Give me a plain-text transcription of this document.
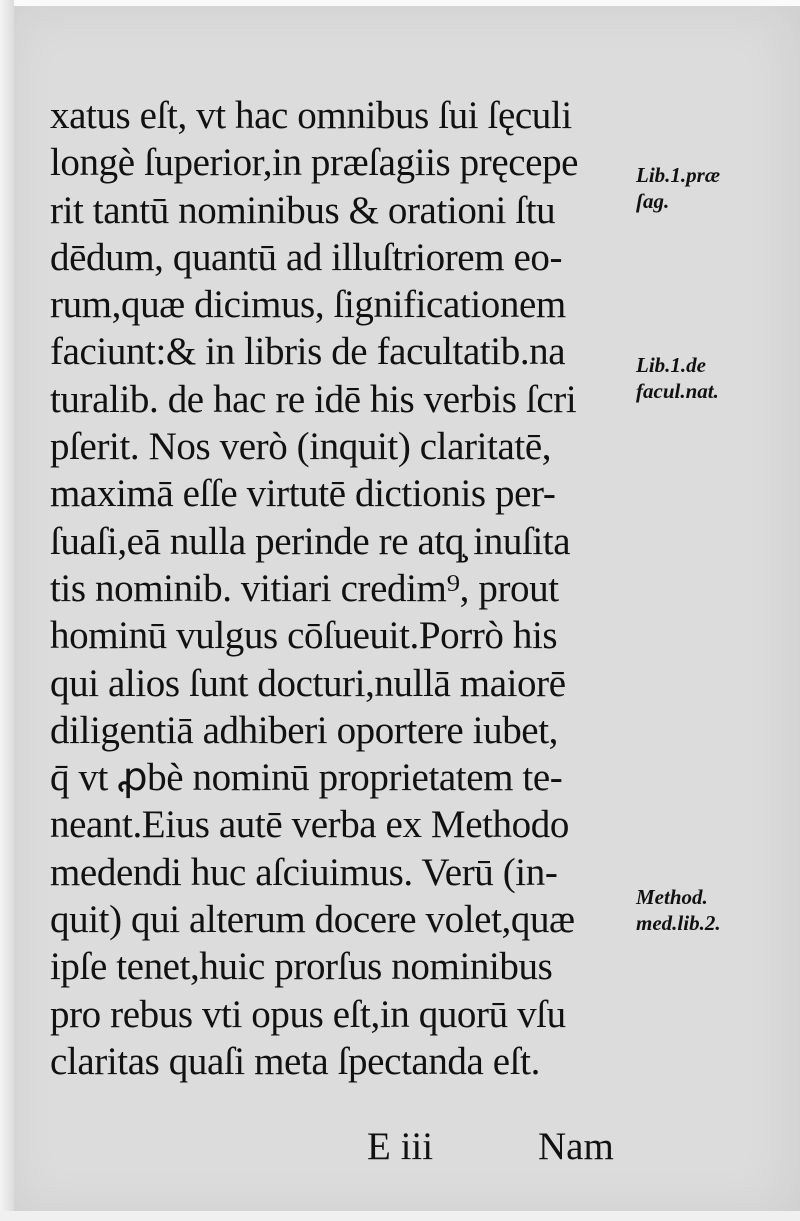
xatus eſt, vt hac omnibus ſui ſęculi
longè ſuperior,in præſagiis pręcepe
rit tantū nominibus & orationi ſtu
dēdum, quantū ad illuſtriorem eo-
rum,quæ dicimus, ſignificationem
faciunt:& in libris de facultatib.na
turalib. de hac re idē his verbis ſcri
pſerit. Nos verò (inquit) claritatē,
maximā eſſe virtutē dictionis per-
ſuaſi,eā nulla perinde re atq̧ inuſita
tis nominib. vitiari credim⁹, prout
hominū vulgus cōſueuit.Porrò his
qui alios ſunt docturi,nullā maiorē
diligentiā adhiberi oportere iubet,
q̄ vt ꝓbè nominū proprietatem te-
neant.Eius autē verba ex Methodo
medendi huc aſciuimus. Verū (in-
quit) qui alterum docere volet,quæ
ipſe tenet,huic prorſus nominibus
pro rebus vti opus eſt,in quorū vſu
claritas quaſi meta ſpectanda eſt.
Lib.1.præ
ſag.
Lib.1.de
facul.nat.
Method.
med.lib.2.
E iii	Nam
